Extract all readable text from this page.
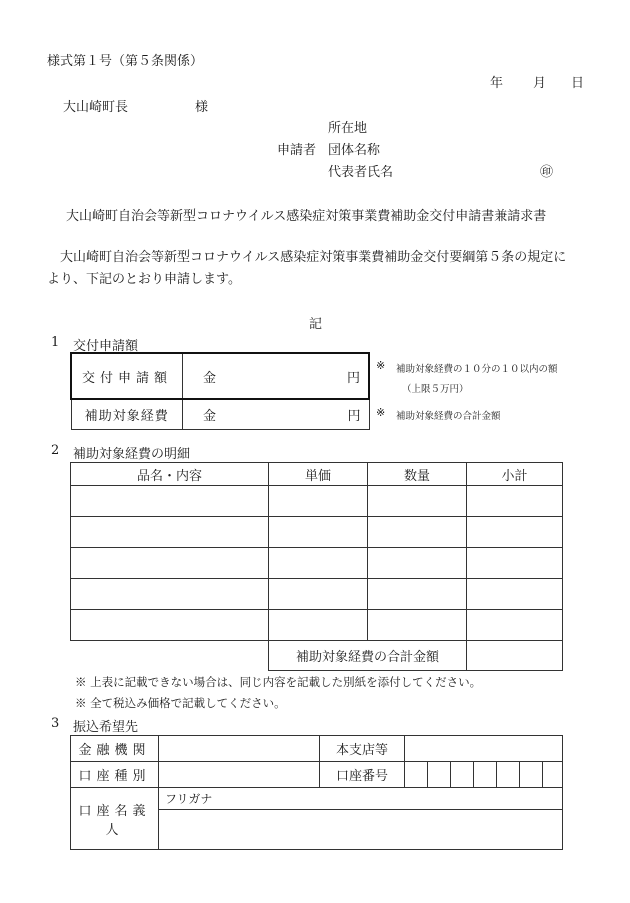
様式第１号（第５条関係）
年 月 日
大山崎町長	様
所在地
申請者 団体名称
代表者氏名	㊞
大山崎町自治会等新型コロナウイルス感染症対策事業費補助金交付申請書兼請求書
大山崎町自治会等新型コロナウイルス感染症対策事業費補助金交付要綱第５条の規定に
より、下記のとおり申請します。
記
1 交付申請額
交付申請額	金 円

補助対象経費	金 円
※ 補助対象経費の１０分の１０以内の額
（上限５万円）
※ 補助対象経費の合計金額
2 補助対象経費の明細
品名・内容	単価	数量	小計

	補助対象経費の合計金額		
※ 上表に記載できない場合は、同じ内容を記載した別紙を添付してください。
※ 全て税込み価格で記載してください。
3 振込希望先
金融機関		本支店等							
口座種別		口座番号							
口座名義人	フリガナ								
